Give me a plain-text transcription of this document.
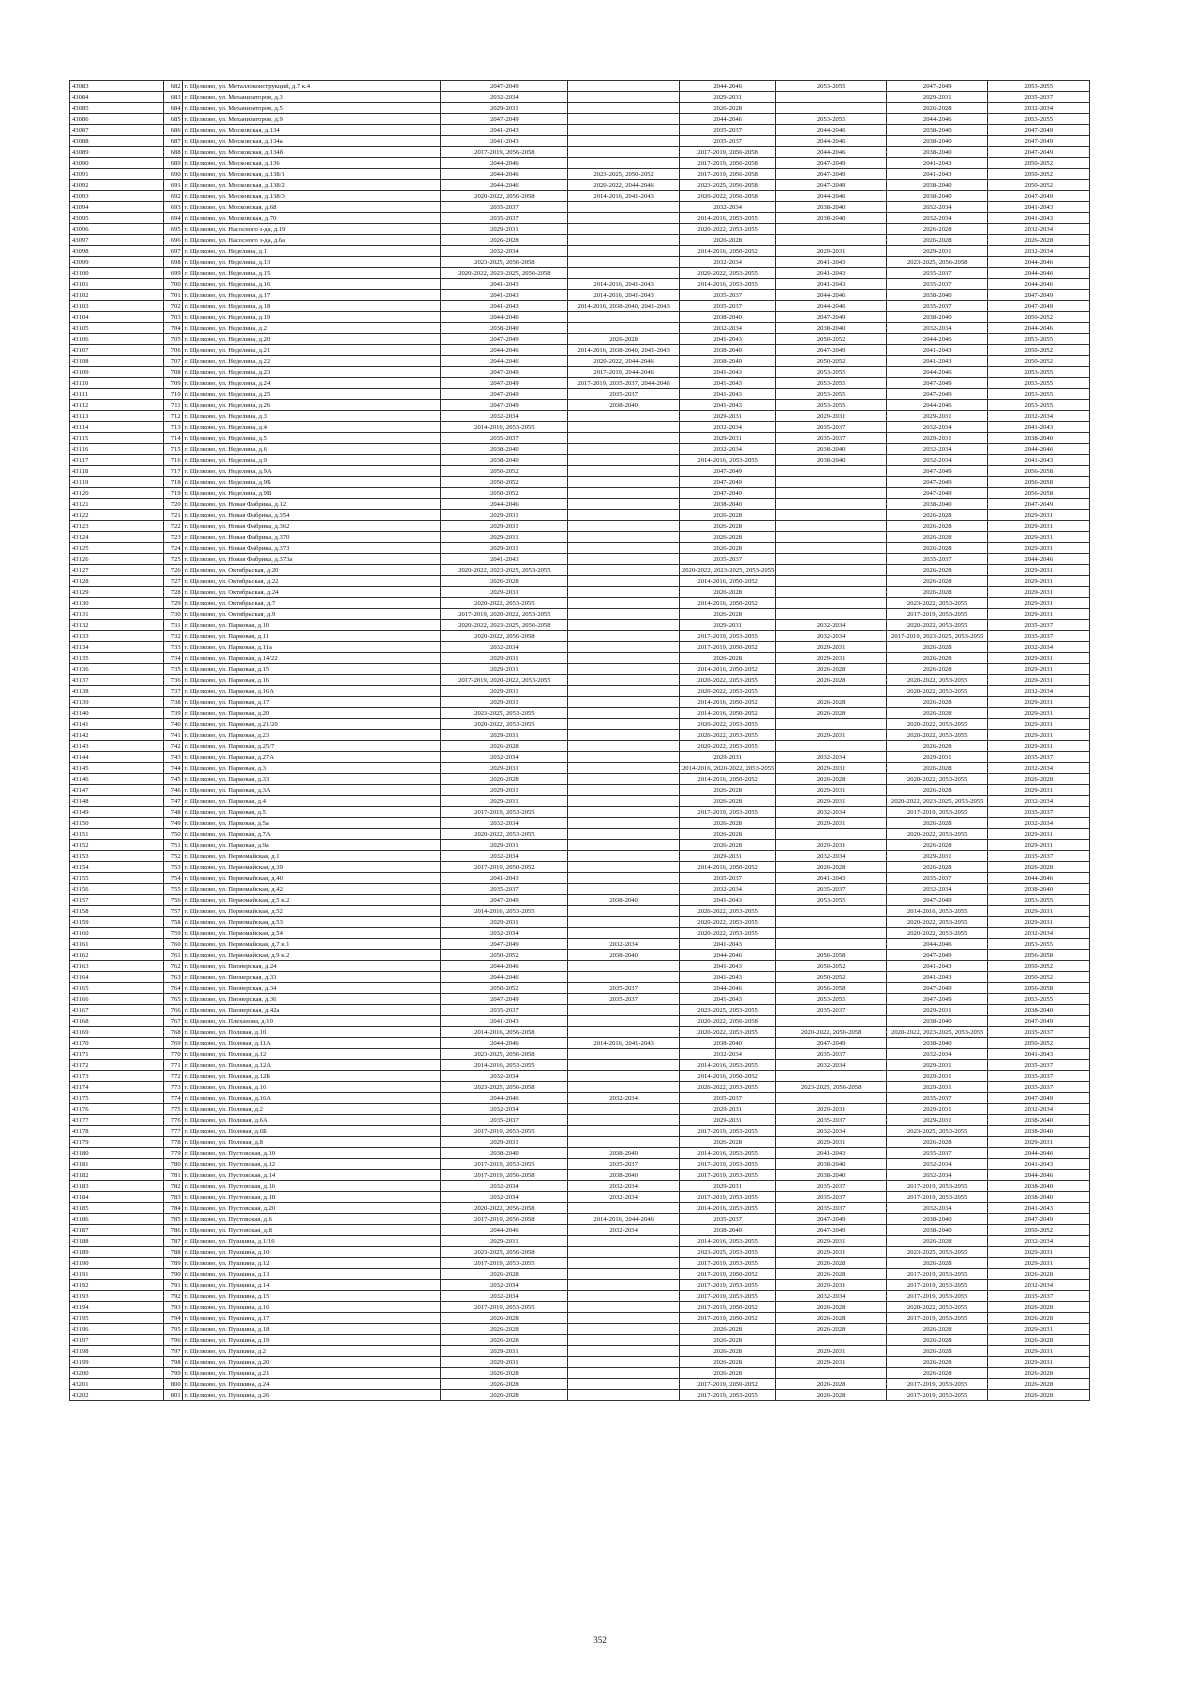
43083	682	г. Щелково, ул. Металлоконструкций, д.7 к.4	2047-2049		2044-2046	2053-2055	2047-2049	2053-2055
43084	683	г. Щелково, ул. Механизаторов, д.3	2032-2034		2029-2031		2029-2031	2035-2037
43085	684	г. Щелково, ул. Механизаторов, д.5	2029-2031		2026-2028		2026-2028	2032-2034
43086	685	г. Щелково, ул. Механизаторов, д.9	2047-2049		2044-2046	2053-2055	2044-2046	2053-2055
43087	686	г. Щелково, ул. Московская, д.134	2041-2043		2035-2037	2044-2046	2038-2040	2047-2049
43088	687	г. Щелково, ул. Московская, д.134а	2041-2043		2035-2037	2044-2046	2038-2040	2047-2049
43089	688	г. Щелково, ул. Московская, д.134б	2017-2019, 2056-2058		2017-2019, 2056-2058	2044-2046	2038-2040	2047-2049
43090	689	г. Щелково, ул. Московская, д.136	2044-2046		2017-2019, 2056-2058	2047-2049	2041-2043	2050-2052
43091	690	г. Щелково, ул. Московская, д.138/1	2044-2046	2023-2025, 2050-2052	2017-2019, 2056-2058	2047-2049	2041-2043	2050-2052
43092	691	г. Щелково, ул. Московская, д.138/2	2044-2046	2020-2022, 2044-2046	2023-2025, 2056-2058	2047-2049	2038-2040	2050-2052
43093	692	г. Щелково, ул. Московская, д.138/3	2020-2022, 2056-2058	2014-2016, 2041-2043	2020-2022, 2056-2058	2044-2046	2038-2040	2047-2049
43094	693	г. Щелково, ул. Московская, д.68	2035-2037		2032-2034	2038-2040	2032-2034	2041-2043
43095	694	г. Щелково, ул. Московская, д.70	2035-2037		2014-2016, 2053-2055	2038-2040	2032-2034	2041-2043
43096	695	г. Щелково, ул. Насосного з-да, д.19	2029-2031		2020-2022, 2053-2055		2026-2028	2032-2034
43097	696	г. Щелково, ул. Насосного з-да, д.6а	2026-2028		2026-2028		2026-2028	2026-2028
43098	697	г. Щелково, ул. Неделина, д.1	2032-2034		2014-2016, 2050-2052	2029-2031	2029-2031	2032-2034
43099	698	г. Щелково, ул. Неделина, д.13	2023-2025, 2056-2058		2032-2034	2041-2043	2023-2025, 2056-2058	2044-2046
43100	699	г. Щелково, ул. Неделина, д.15	2020-2022, 2023-2025, 2056-2058		2020-2022, 2053-2055	2041-2043	2035-2037	2044-2046
43101	700	г. Щелково, ул. Неделина, д.16	2041-2043	2014-2016, 2041-2043	2014-2016, 2053-2055	2041-2043	2035-2037	2044-2046
43102	701	г. Щелково, ул. Неделина, д.17	2041-2043	2014-2016, 2041-2043	2035-2037	2044-2046	2038-2040	2047-2049
43103	702	г. Щелково, ул. Неделина, д.18	2041-2043	2014-2016, 2038-2040, 2041-2043	2035-2037	2044-2046	2035-2037	2047-2049
43104	703	г. Щелково, ул. Неделина, д.19	2044-2046		2038-2040	2047-2049	2038-2040	2050-2052
43105	704	г. Щелково, ул. Неделина, д.2	2038-2040		2032-2034	2038-2040	2032-2034	2044-2046
43106	705	г. Щелково, ул. Неделина, д.20	2047-2049	2026-2028	2041-2043	2050-2052	2044-2046	2053-2055
43107	706	г. Щелково, ул. Неделина, д.21	2044-2046	2014-2016, 2038-2040, 2041-2043	2038-2040	2047-2049	2041-2043	2050-2052
43108	707	г. Щелково, ул. Неделина, д.22	2044-2046	2020-2022, 2044-2046	2038-2040	2050-2052	2041-2043	2050-2052
43109	708	г. Щелково, ул. Неделина, д.23	2047-2049	2017-2019, 2044-2046	2041-2043	2053-2055	2044-2046	2053-2055
43110	709	г. Щелково, ул. Неделина, д.24	2047-2049	2017-2019, 2035-2037, 2044-2046	2041-2043	2053-2055	2047-2049	2053-2055
43111	710	г. Щелково, ул. Неделина, д.25	2047-2049	2035-2037	2041-2043	2053-2055	2047-2049	2053-2055
43112	711	г. Щелково, ул. Неделина, д.26	2047-2049	2038-2040	2041-2043	2053-2055	2044-2046	2053-2055
43113	712	г. Щелково, ул. Неделина, д.3	2032-2034		2029-2031	2029-2031	2029-2031	2032-2034
43114	713	г. Щелково, ул. Неделина, д.4	2014-2016, 2053-2055		2032-2034	2035-2037	2032-2034	2041-2043
43115	714	г. Щелково, ул. Неделина, д.5	2035-2037		2029-2031	2035-2037	2029-2031	2038-2040
43116	715	г. Щелково, ул. Неделина, д.6	2038-2040		2032-2034	2038-2040	2032-2034	2044-2046
43117	716	г. Щелково, ул. Неделина, д.9	2038-2040		2014-2016, 2053-2055	2038-2040	2032-2034	2041-2043
43118	717	г. Щелково, ул. Неделина, д.9А	2050-2052		2047-2049		2047-2049	2056-2058
43119	718	г. Щелково, ул. Неделина, д.9Б	2050-2052		2047-2049		2047-2049	2056-2058
43120	719	г. Щелково, ул. Неделина, д.9В	2050-2052		2047-2049		2047-2049	2056-2058
43121	720	г. Щелково, ул. Новая Фабрика, д.12	2044-2046		2038-2040		2038-2040	2047-2049
43122	721	г. Щелково, ул. Новая Фабрика, д.354	2029-2031		2026-2028		2026-2028	2029-2031
43123	722	г. Щелково, ул. Новая Фабрика, д.362	2029-2031		2026-2028		2026-2028	2029-2031
43124	723	г. Щелково, ул. Новая Фабрика, д.370	2029-2031		2026-2028		2026-2028	2029-2031
43125	724	г. Щелково, ул. Новая Фабрика, д.373	2029-2031		2026-2028		2026-2028	2029-2031
43126	725	г. Щелково, ул. Новая Фабрика, д.373а	2041-2043		2035-2037		2035-2037	2044-2046
43127	726	г. Щелково, ул. Октябрьская, д.20	2020-2022, 2023-2025, 2053-2055		2020-2022, 2023-2025, 2053-2055		2026-2028	2029-2031
43128	727	г. Щелково, ул. Октябрьская, д.22	2026-2028		2014-2016, 2050-2052		2026-2028	2029-2031
43129	728	г. Щелково, ул. Октябрьская, д.24	2029-2031		2026-2028		2026-2028	2029-2031
43130	729	г. Щелково, ул. Октябрьская, д.7	2020-2022, 2053-2055		2014-2016, 2050-2052		2023-2022, 2053-2055	2029-2031
43131	730	г. Щелково, ул. Октябрьская, д.9	2017-2019, 2020-2022, 2053-2055		2026-2028		2017-2019, 2053-2055	2029-2031
43132	731	г. Щелково, ул. Парковая, д.10	2020-2022, 2023-2025, 2056-2058		2029-2031	2032-2034	2020-2022, 2053-2055	2035-2037
43133	732	г. Щелково, ул. Парковая, д.11	2020-2022, 2056-2058		2017-2019, 2053-2055	2032-2034	2017-2019, 2023-2025, 2053-2055	2035-2037
43134	733	г. Щелково, ул. Парковая, д.11а	2032-2034		2017-2019, 2050-2052	2029-2031	2026-2028	2032-2034
43135	734	г. Щелково, ул. Парковая, д.14/22	2029-2031		2026-2028	2029-2031	2026-2028	2029-2031
43136	735	г. Щелково, ул. Парковая, д.15	2029-2031		2014-2016, 2050-2052	2026-2028	2026-2028	2029-2031
43137	736	г. Щелково, ул. Парковая, д.16	2017-2019, 2020-2022, 2053-2055		2020-2022, 2053-2055	2026-2028	2020-2022, 2053-2055	2029-2031
43138	737	г. Щелково, ул. Парковая, д.16А	2029-2031		2020-2022, 2053-2055		2020-2022, 2053-2055	2032-2034
43139	738	г. Щелково, ул. Парковая, д.17	2029-2031		2014-2016, 2050-2052	2026-2028	2026-2028	2029-2031
43140	739	г. Щелково, ул. Парковая, д.20	2023-2025, 2053-2055		2014-2016, 2050-2052	2026-2028	2026-2028	2029-2031
43141	740	г. Щелково, ул. Парковая, д.21/20	2020-2022, 2053-2055		2020-2022, 2053-2055		2020-2022, 2053-2055	2029-2031
43142	741	г. Щелково, ул. Парковая, д.23	2029-2031		2020-2022, 2053-2055	2029-2031	2020-2022, 2053-2055	2029-2031
43143	742	г. Щелково, ул. Парковая, д.25/7	2026-2028		2020-2022, 2053-2055		2026-2028	2029-2031
43144	743	г. Щелково, ул. Парковая, д.27А	2032-2034		2029-2031	2032-2034	2029-2031	2035-2037
43145	744	г. Щелково, ул. Парковая, д.3	2029-2031		2014-2016, 2020-2022, 2053-2055	2029-2031	2026-2028	2032-2034
43146	745	г. Щелково, ул. Парковая, д.33	2026-2028		2014-2016, 2050-2052	2026-2028	2020-2022, 2053-2055	2026-2028
43147	746	г. Щелково, ул. Парковая, д.3А	2029-2031		2026-2028	2029-2031	2026-2028	2029-2031
43148	747	г. Щелково, ул. Парковая, д.4	2029-2031		2026-2028	2029-2031	2020-2022, 2023-2025, 2053-2055	2032-2034
43149	748	г. Щелково, ул. Парковая, д.5	2017-2019, 2053-2055		2017-2019, 2053-2055	2032-2034	2017-2019, 2053-2055	2035-2037
43150	749	г. Щелково, ул. Парковая, д.5а	2032-2034		2026-2028	2029-2031	2026-2028	2032-2034
43151	750	г. Щелково, ул. Парковая, д.7А	2020-2022, 2053-2055		2026-2028		2020-2022, 2053-2055	2029-2031
43152	751	г. Щелково, ул. Парковая, д.9а	2029-2031		2026-2028	2029-2031	2026-2028	2029-2031
43153	752	г. Щелково, ул. Первомайская, д.1	2032-2034		2029-2031	2032-2034	2029-2031	2035-2037
43154	753	г. Щелково, ул. Первомайская, д.39	2017-2019, 2050-2052		2014-2016, 2050-2052	2026-2028	2026-2028	2026-2028
43155	754	г. Щелково, ул. Первомайская, д.40	2041-2043		2035-2037	2041-2043	2035-2037	2044-2046
43156	755	г. Щелково, ул. Первомайская, д.42	2035-2037		2032-2034	2035-2037	2032-2034	2038-2040
43157	756	г. Щелково, ул. Первомайская, д.5 к.2	2047-2049	2038-2040	2041-2043	2053-2055	2047-2049	2053-2055
43158	757	г. Щелково, ул. Первомайская, д.52	2014-2016, 2053-2055		2020-2022, 2053-2055		2014-2016, 2053-2055	2029-2031
43159	758	г. Щелково, ул. Первомайская, д.53	2029-2031		2020-2022, 2053-2055		2020-2022, 2053-2055	2029-2031
43160	759	г. Щелково, ул. Первомайская, д.54	2032-2034		2020-2022, 2053-2055		2020-2022, 2053-2055	2032-2034
43161	760	г. Щелково, ул. Первомайская, д.7 к.1	2047-2049	2032-2034	2041-2043		2044-2046	2053-2055
43162	761	г. Щелково, ул. Первомайская, д.9 к.2	2050-2052	2038-2040	2044-2046	2056-2058	2047-2049	2056-2058
43163	762	г. Щелково, ул. Пионерская, д.24	2044-2046		2041-2043	2050-2052	2041-2043	2050-2052
43164	763	г. Щелково, ул. Пионерская, д.33	2044-2046		2041-2043	2050-2052	2041-2043	2050-2052
43165	764	г. Щелково, ул. Пионерская, д.34	2050-2052	2035-2037	2044-2046	2056-2058	2047-2049	2056-2058
43166	765	г. Щелково, ул. Пионерская, д.36	2047-2049	2035-2037	2041-2043	2053-2055	2047-2049	2053-2055
43167	766	г. Щелково, ул. Пионерская, д.42а	2035-2037		2023-2025, 2053-2055	2035-2037	2029-2031	2038-2040
43168	767	г. Щелково, ул. Плеханова, д.10	2041-2043		2020-2022, 2056-2058		2038-2040	2047-2049
43169	768	г. Щелково, ул. Полевая, д.10	2014-2016, 2056-2058		2020-2022, 2053-2055	2020-2022, 2056-2058	2020-2022, 2023-2025, 2053-2055	2035-2037
43170	769	г. Щелково, ул. Полевая, д.11А	2044-2046	2014-2016, 2041-2043	2038-2040	2047-2049	2038-2040	2050-2052
43171	770	г. Щелково, ул. Полевая, д.12	2023-2025, 2056-2058		2032-2034	2035-2037	2032-2034	2041-2043
43172	771	г. Щелково, ул. Полевая, д.12А	2014-2016, 2053-2055		2014-2016, 2053-2055	2032-2034	2029-2031	2035-2037
43173	772	г. Щелково, ул. Полевая, д.12Б	2032-2034		2014-2016, 2050-2052		2029-2031	2035-2037
43174	773	г. Щелково, ул. Полевая, д.16	2023-2025, 2056-2058		2020-2022, 2053-2055	2023-2025, 2056-2058	2029-2031	2035-2037
43175	774	г. Щелково, ул. Полевая, д.16А	2044-2046	2032-2034	2035-2037		2035-2037	2047-2049
43176	775	г. Щелково, ул. Полевая, д.2	2032-2034		2029-2031	2029-2031	2029-2031	2032-2034
43177	776	г. Щелково, ул. Полевая, д.6А	2035-2037		2029-2031	2035-2037	2029-2031	2038-2040
43178	777	г. Щелково, ул. Полевая, д.6Б	2017-2019, 2053-2055		2017-2019, 2053-2055	2032-2034	2023-2025, 2053-2055	2038-2040
43179	778	г. Щелково, ул. Полевая, д.8	2029-2031		2026-2028	2029-2031	2026-2028	2029-2031
43180	779	г. Щелково, ул. Пустовская, д.10	2038-2040	2038-2040	2014-2016, 2053-2055	2041-2043	2035-2037	2044-2046
43181	780	г. Щелково, ул. Пустовская, д.12	2017-2019, 2053-2055	2035-2037	2017-2019, 2053-2055	2038-2040	2032-2034	2041-2043
43182	781	г. Щелково, ул. Пустовская, д.14	2017-2019, 2056-2058	2038-2040	2017-2019, 2053-2055	2038-2040	2032-2034	2044-2046
43183	782	г. Щелково, ул. Пустовская, д.16	2032-2034	2032-2034	2029-2031	2035-2037	2017-2019, 2053-2055	2038-2040
43184	783	г. Щелково, ул. Пустовская, д.18	2032-2034	2032-2034	2017-2019, 2053-2055	2035-2037	2017-2019, 2053-2055	2038-2040
43185	784	г. Щелково, ул. Пустовская, д.20	2020-2022, 2056-2058		2014-2016, 2053-2055	2035-2037	2032-2034	2041-2043
43186	785	г. Щелково, ул. Пустовская, д.6	2017-2019, 2056-2058	2014-2016, 2044-2046	2035-2037	2047-2049	2038-2040	2047-2049
43187	786	г. Щелково, ул. Пустовская, д.8	2044-2046	2032-2034	2038-2040	2047-2049	2038-2040	2050-2052
43188	787	г. Щелково, ул. Пушкина, д.1/16	2029-2031		2014-2016, 2053-2055	2029-2031	2026-2028	2032-2034
43189	788	г. Щелково, ул. Пушкина, д.10	2023-2025, 2056-2058		2023-2025, 2053-2055	2029-2031	2023-2025, 2053-2055	2029-2031
43190	789	г. Щелково, ул. Пушкина, д.12	2017-2019, 2053-2055		2017-2019, 2053-2055	2026-2028	2026-2028	2029-2031
43191	790	г. Щелково, ул. Пушкина, д.13	2026-2028		2017-2019, 2050-2052	2026-2028	2017-2019, 2053-2055	2026-2028
43192	791	г. Щелково, ул. Пушкина, д.14	2032-2034		2017-2019, 2053-2055	2029-2031	2017-2019, 2053-2055	2032-2034
43193	792	г. Щелково, ул. Пушкина, д.15	2032-2034		2017-2019, 2053-2055	2032-2034	2017-2019, 2053-2055	2035-2037
43194	793	г. Щелково, ул. Пушкина, д.16	2017-2019, 2053-2055		2017-2019, 2050-2052	2026-2028	2020-2022, 2053-2055	2026-2028
43195	794	г. Щелково, ул. Пушкина, д.17	2026-2028		2017-2019, 2050-2052	2026-2028	2017-2019, 2053-2055	2026-2028
43196	795	г. Щелково, ул. Пушкина, д.18	2026-2028		2026-2028	2026-2028	2026-2028	2029-2031
43197	796	г. Щелково, ул. Пушкина, д.19	2026-2028		2026-2028		2026-2028	2026-2028
43198	797	г. Щелково, ул. Пушкина, д.2	2029-2031		2026-2028	2029-2031	2026-2028	2029-2031
43199	798	г. Щелково, ул. Пушкина, д.20	2029-2031		2026-2028	2029-2031	2026-2028	2029-2031
43200	799	г. Щелково, ул. Пушкина, д.21	2026-2028		2026-2028		2026-2028	2026-2028
43201	800	г. Щелково, ул. Пушкина, д.24	2026-2028		2017-2019, 2050-2052	2026-2028	2017-2019, 2053-2055	2026-2028
43202	801	г. Щелково, ул. Пушкина, д.26	2026-2028		2017-2019, 2053-2055	2026-2028	2017-2019, 2053-2055	2026-2028
352
